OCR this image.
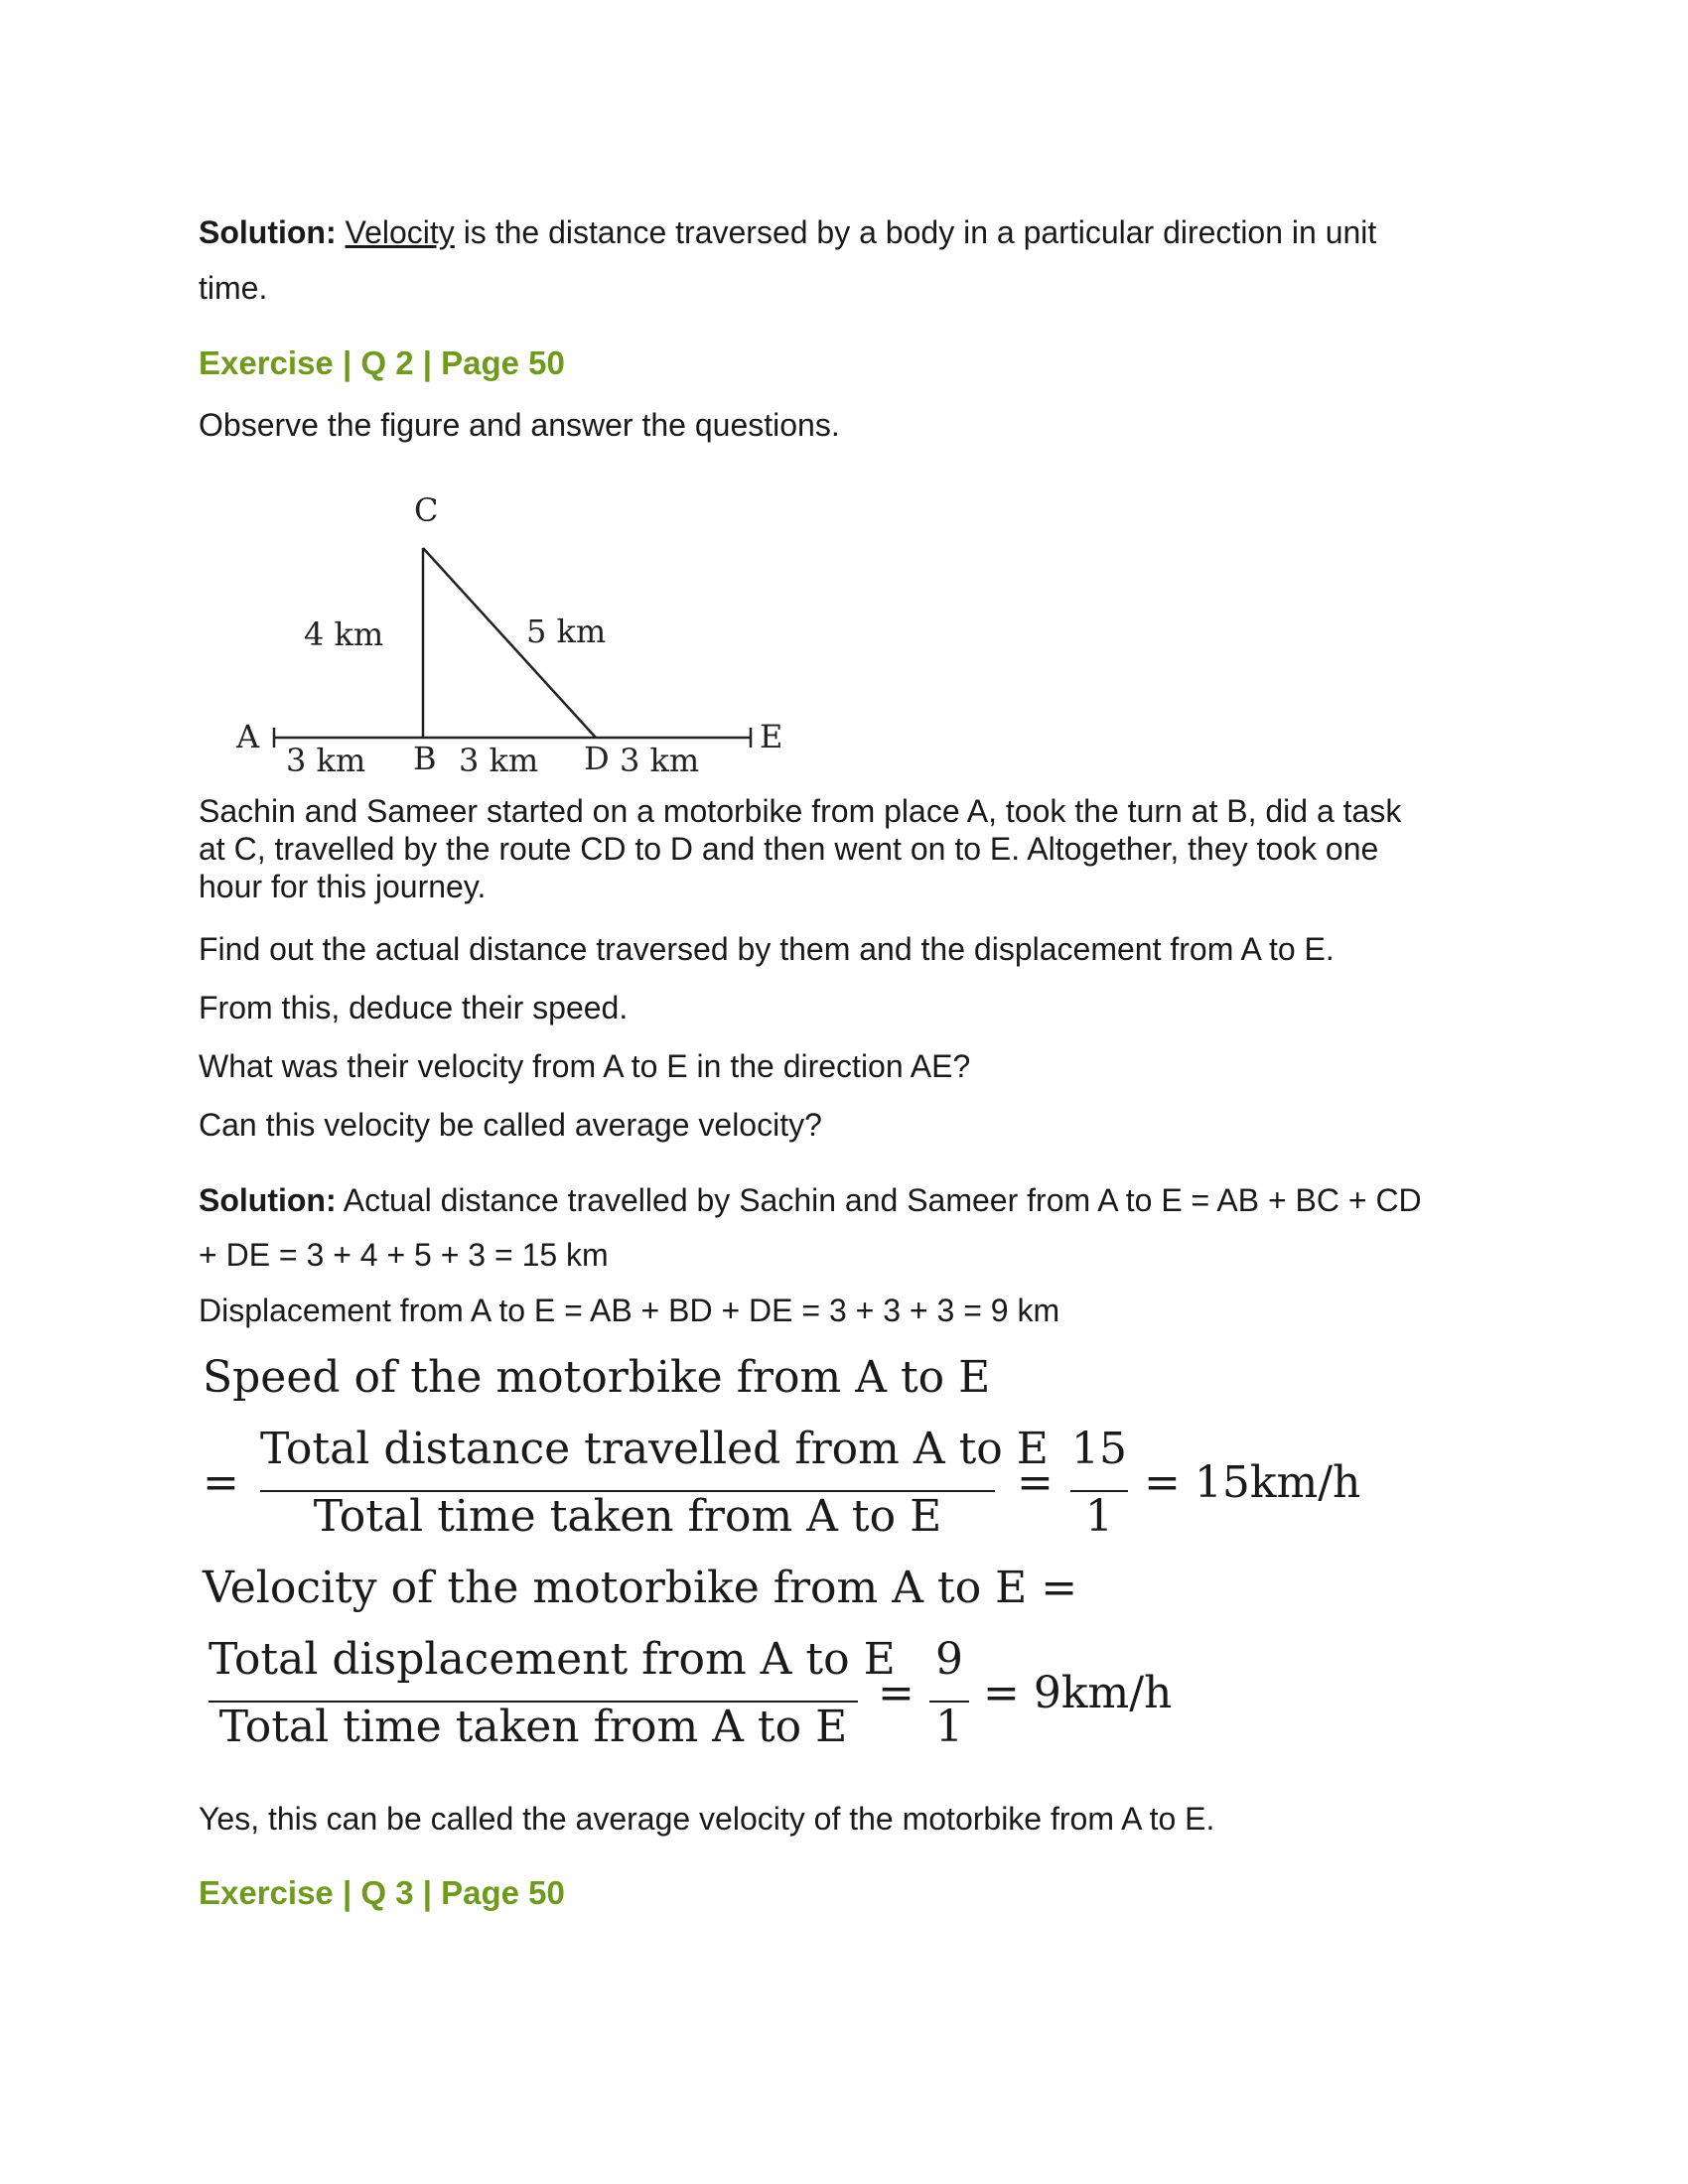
Solution: Velocity is the distance traversed by a body in a particular direction in unit
time.
Exercise | Q 2 | Page 50
Observe the figure and answer the questions.
C
A	E
B	D
3 km	3 km	3 km
4 km	5 km
Sachin and Sameer started on a motorbike from place A, took the turn at B, did a task
at C, travelled by the route CD to D and then went on to E. Altogether, they took one
hour for this journey.
Find out the actual distance traversed by them and the displacement from A to E.
From this, deduce their speed.
What was their velocity from A to E in the direction AE?
Can this velocity be called average velocity?
Solution: Actual distance travelled by Sachin and Sameer from A to E = AB + BC + CD
+ DE = 3 + 4 + 5 + 3 = 15 km
Displacement from A to E = AB + BD + DE = 3 + 3 + 3 = 9 km
Speed of the motorbike from A to E
=
Total distance travelled from A to E
Total time taken from A to E
=
15
1
= 15km/h
Velocity of the motorbike from A to E =
Total displacement from A to E
Total time taken from A to E
=
9
1
= 9km/h
Yes, this can be called the average velocity of the motorbike from A to E.
Exercise | Q 3 | Page 50
